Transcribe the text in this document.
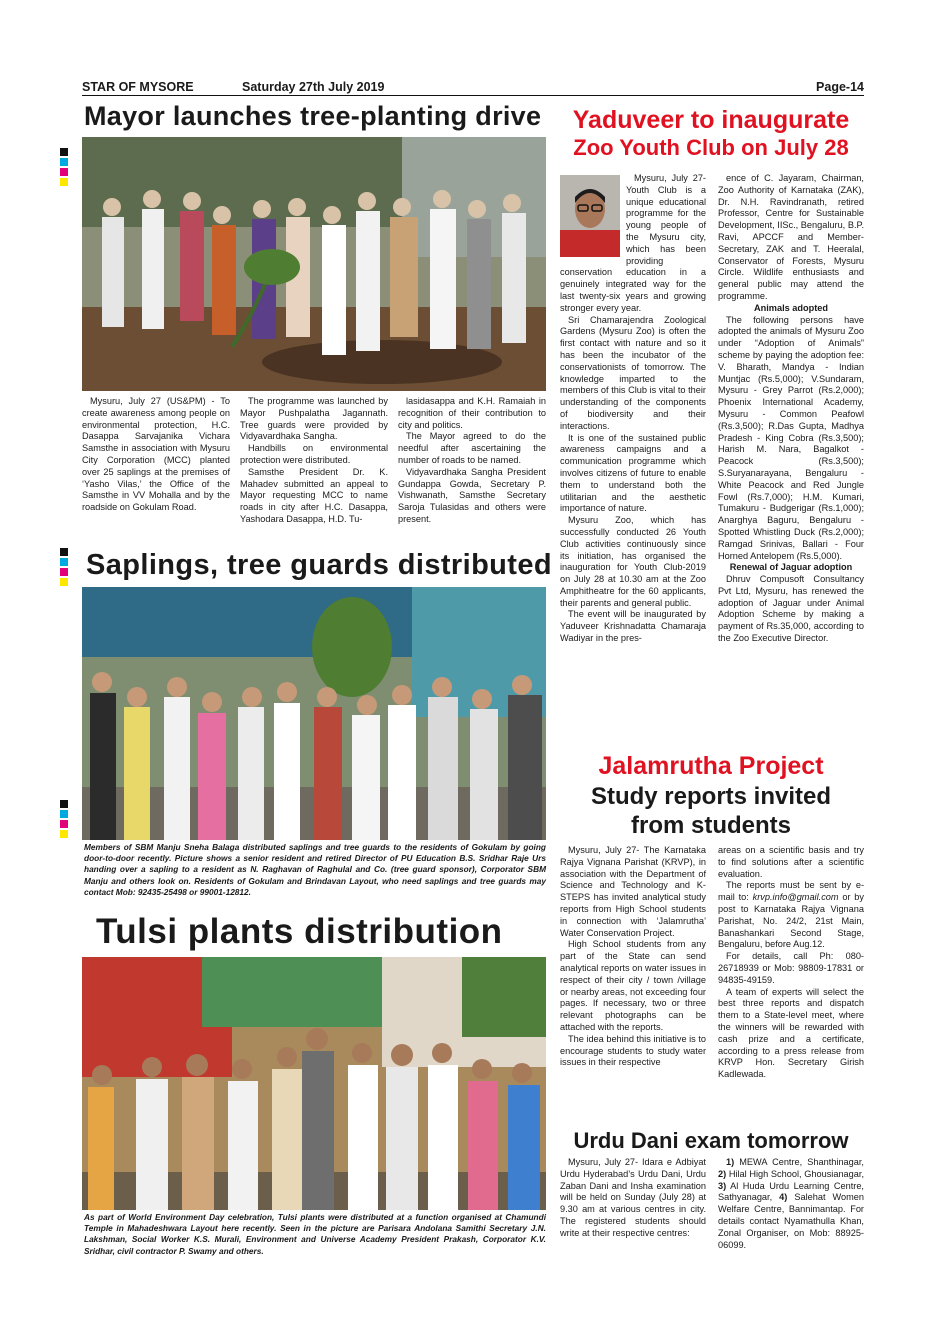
STAR OF MYSORE	Saturday 27th July 2019	Page-14
Mayor launches tree-planting drive

Mysuru, July 27 (US&PM) - To create awareness among people on environmental protection, H.C. Dasappa Sarvajanika Vichara Samsthe in association with Mysuru City Corporation (MCC) planted over 25 saplings at the premises of ‘Yasho Vilas,’ the Office of the Samsthe in VV Mohalla and by the roadside on Gokulam Road.

The programme was launched by Mayor Pushpalatha Jagannath. Tree guards were provided by Vidyavardhaka Sangha.

Handbills on environmental protection were distributed.

Samsthe President Dr. K. Mahadev submitted an appeal to Mayor requesting MCC to name roads in city after H.C. Dasappa, Yashodara Dasappa, H.D. Tu-

lasidasappa and K.H. Ramaiah in recognition of their contribution to city and politics.

The Mayor agreed to do the needful after ascertaining the number of roads to be named.

Vidyavardhaka Sangha President Gundappa Gowda, Secretary P. Vishwanath, Samsthe Secretary Saroja Tulasidas and others were present.

Saplings, tree guards distributed
Members of SBM Manju Sneha Balaga distributed saplings and tree guards to the residents of Gokulam by going door-to-door recently. Picture shows a senior resident and retired Director of PU Education B.S. Sridhar Raje Urs handing over a sapling to a resident as N. Raghavan of Raghulal and Co. (tree guard sponsor), Corporator SBM Manju and others look on. Residents of Gokulam and Brindavan Layout, who need saplings and tree guards may contact Mob: 92435-25498 or 99001-12812.
Tulsi plants distribution
As part of World Environment Day celebration, Tulsi plants were distributed at a function organised at Chamundi Temple in Mahadeshwara Layout here recently. Seen in the picture are Parisara Andolana Samithi Secretary J.N. Lakshman, Social Worker K.S. Murali, Environment and Universe Academy President Prakash, Corporator K.V. Sridhar, civil contractor P. Swamy and others.
Yaduveer to inaugurate
Zoo Youth Club on July 28

Mysuru, July 27-Youth Club is a unique educational programme for the young people of the Mysuru city, which has been providing conservation education in a genuinely integrated way for the last twenty-six years and growing stronger every year.

Sri Chamarajendra Zoological Gardens (Mysuru Zoo) is often the first contact with nature and so it has been the incubator of the conservationists of tomorrow. The knowledge imparted to the members of this Club is vital to their understanding of the components of biodiversity and their interactions.

It is one of the sustained public awareness campaigns and a communication programme which involves citizens of future to enable them to understand both the utilitarian and the aesthetic importance of nature.

Mysuru Zoo, which has successfully conducted 26 Youth Club activities continuously since its initiation, has organised the inauguration for Youth Club-2019 on July 28 at 10.30 am at the Zoo Amphitheatre for the 60 applicants, their parents and general public.

The event will be inaugurated by Yaduveer Krishnadatta Chamaraja Wadiyar in the pres-

ence of C. Jayaram, Chairman, Zoo Authority of Karnataka (ZAK), Dr. N.H. Ravindranath, retired Professor, Centre for Sustainable Development, IISc., Bengaluru, B.P. Ravi, APCCF and Member-Secretary, ZAK and T. Heeralal, Conservator of Forests, Mysuru Circle. Wildlife enthusiasts and general public may attend the programme.

Animals adopted

The following persons have adopted the animals of Mysuru Zoo under “Adoption of Animals” scheme by paying the adoption fee: V. Bharath, Mandya - Indian Muntjac (Rs.5,000); V.Sundaram, Mysuru - Grey Parrot (Rs.2,000); Phoenix International Academy, Mysuru - Common Peafowl (Rs.3,500); R.Das Gupta, Madhya Pradesh - King Cobra (Rs.3,500); Harish M. Nara, Bagalkot - Peacock (Rs.3,500); S.Suryanarayana, Bengaluru - White Peacock and Red Jungle Fowl (Rs.7,000); H.M. Kumari, Tumakuru - Budgerigar (Rs.1,000); Anarghya Baguru, Bengaluru - Spotted Whistling Duck (Rs.2,000); Ramgad Srinivas, Ballari - Four Horned Antelopem (Rs.5,000).

Renewal of Jaguar adoption

Dhruv Compusoft Consultancy Pvt Ltd, Mysuru, has renewed the adoption of Jaguar under Animal Adoption Scheme by making a payment of Rs.35,000, according to the Zoo Executive Director.

Jalamrutha Project
Study reports invited
from students

Mysuru, July 27- The Karnataka Rajya Vignana Parishat (KRVP), in association with the Department of Science and Technology and K-STEPS has invited analytical study reports from High School students in connection with ‘Jalamrutha’ Water Conservation Project.

High School students from any part of the State can send analytical reports on water issues in respect of their city / town /village or nearby areas, not exceeding four pages. If necessary, two or three relevant photographs can be attached with the reports.

The idea behind this initiative is to encourage students to study water issues in their respective

areas on a scientific basis and try to find solutions after a scientific evaluation.

The reports must be sent by e-mail to: krvp.info@gmail.com or by post to Karnataka Rajya Vignana Parishat, No. 24/2, 21st Main, Banashankari Second Stage, Bengaluru, before Aug.12.

For details, call Ph: 080-26718939 or Mob: 98809-17831 or 94835-49159.

A team of experts will select the best three reports and dispatch them to a State-level meet, where the winners will be rewarded with cash prize and a certificate, according to a press release from KRVP Hon. Secretary Girish Kadlewada.

Urdu Dani exam tomorrow

Mysuru, July 27- Idara e Adbiyat Urdu Hyderabad’s Urdu Dani, Urdu Zaban Dani and Insha examination will be held on Sunday (July 28) at 9.30 am at various centres in city. The registered students should write at their respective centres:

1) MEWA Centre, Shanthinagar, 2) Hilal High School, Ghousianagar, 3) Al Huda Urdu Learning Centre, Sathyanagar, 4) Salehat Women Welfare Centre, Bannimantap. For details contact Nyamathulla Khan, Zonal Organiser, on Mob: 88925-06099.
